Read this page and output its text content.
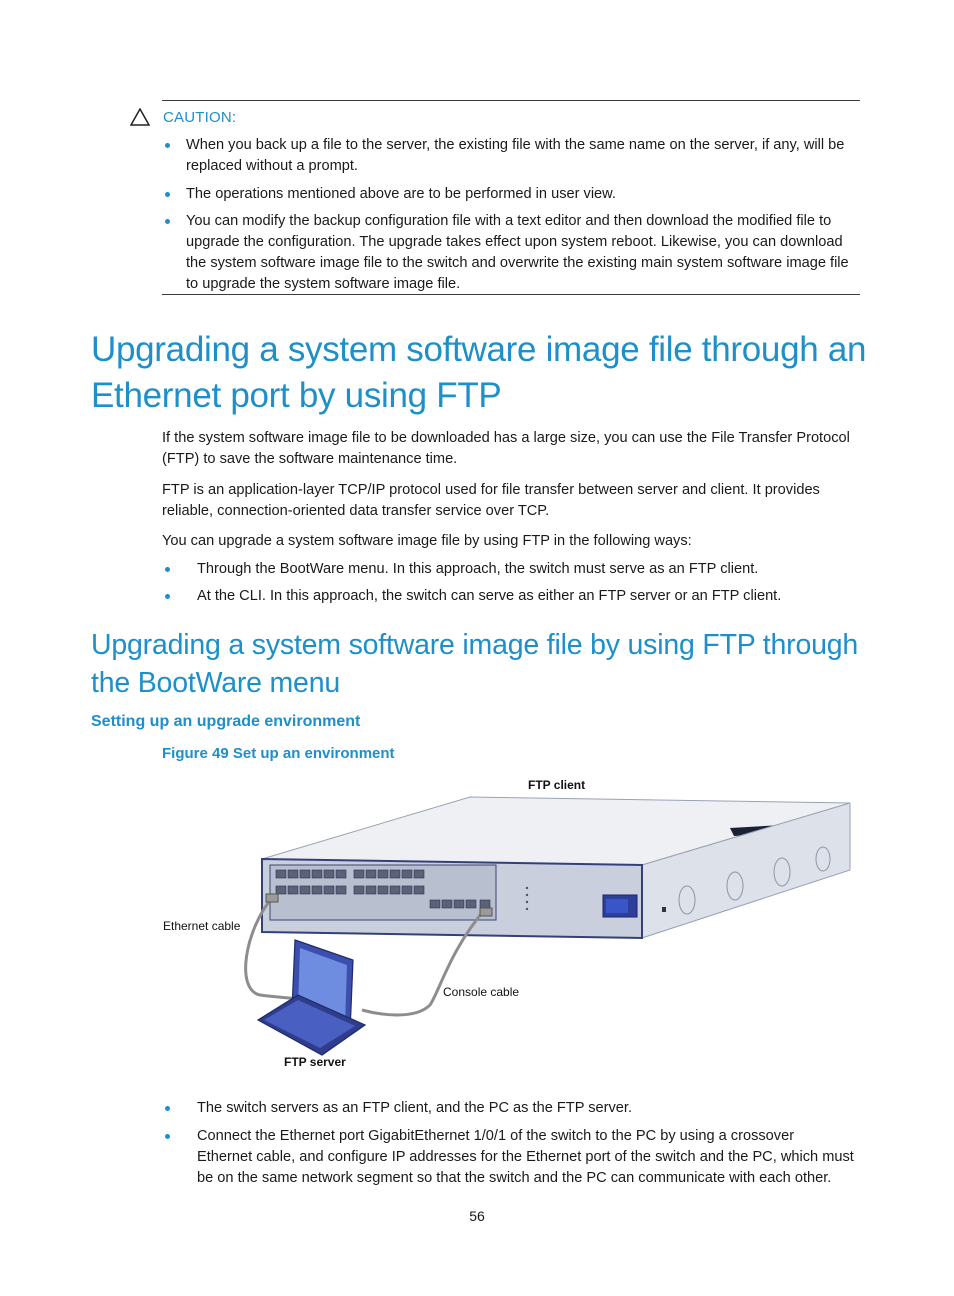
CAUTION:
When you back up a file to the server, the existing file with the same name on the server, if any, will be
replaced without a prompt.
The operations mentioned above are to be performed in user view.
You can modify the backup configuration file with a text editor and then download the modified file to
upgrade the configuration. The upgrade takes effect upon system reboot. Likewise, you can download
the system software image file to the switch and overwrite the existing main system software image file
to upgrade the system software image file.
Upgrading a system software image file through an
Ethernet port by using FTP
If the system software image file to be downloaded has a large size, you can use the File Transfer Protocol
(FTP) to save the software maintenance time.
FTP is an application-layer TCP/IP protocol used for file transfer between server and client. It provides
reliable, connection-oriented data transfer service over TCP.
You can upgrade a system software image file by using FTP in the following ways:
Through the BootWare menu. In this approach, the switch must serve as an FTP client.
At the CLI. In this approach, the switch can serve as either an FTP server or an FTP client.
Upgrading a system software image file by using FTP through
the BootWare menu
Setting up an upgrade environment
Figure 49 Set up an environment
FTP client
Ethernet cable
Console cable
FTP server
The switch servers as an FTP client, and the PC as the FTP server.
Connect the Ethernet port GigabitEthernet 1/0/1 of the switch to the PC by using a crossover
Ethernet cable, and configure IP addresses for the Ethernet port of the switch and the PC, which must
be on the same network segment so that the switch and the PC can communicate with each other.
56
